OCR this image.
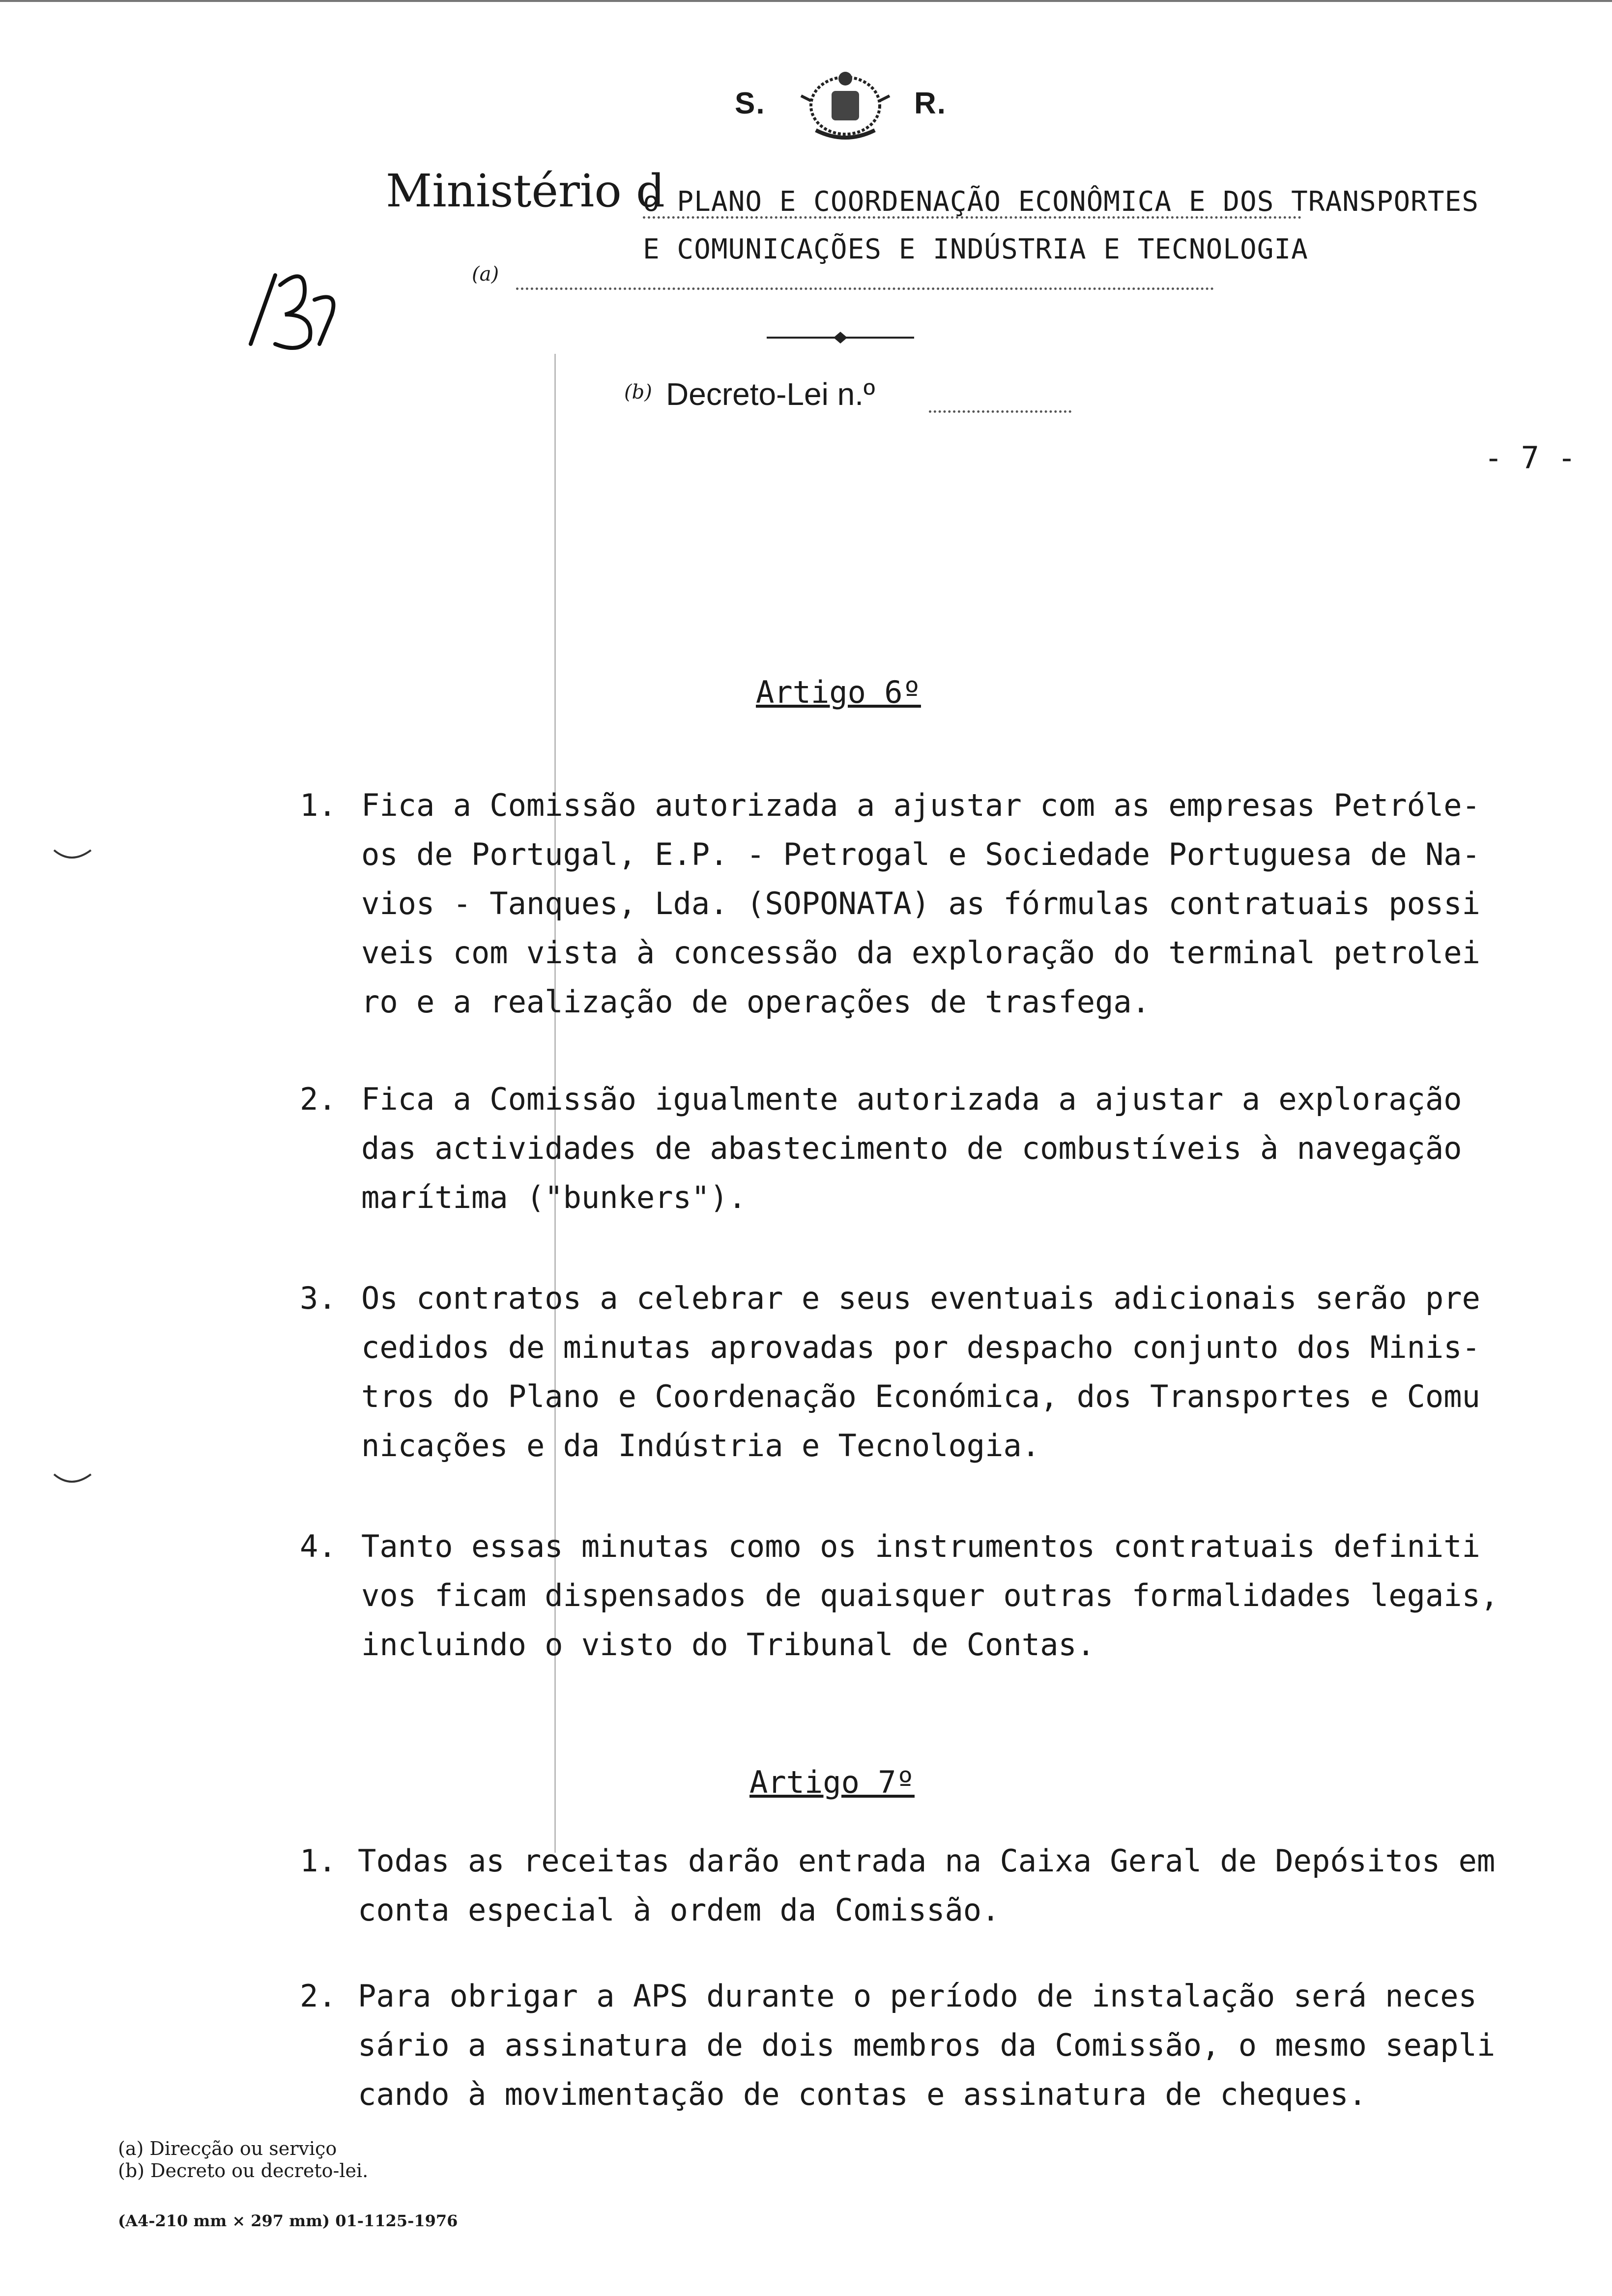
S.	R.
Ministério d
o PLANO E COORDENAÇÃO ECONÔMICA E DOS TRANSPORTES
E COMUNICAÇÕES E INDÚSTRIA E TECNOLOGIA
(a)
(b) Decreto-Lei n.º
- 7 -
Artigo 6º
1. Fica a Comissão autorizada a ajustar com as empresas Petróle-
os de Portugal, E.P. - Petrogal e Sociedade Portuguesa de Na-
vios - Tanques, Lda. (SOPONATA) as fórmulas contratuais possi
veis com vista à concessão da exploração do terminal petrolei
ro e a realização de operações de trasfega.
2. Fica a Comissão igualmente autorizada a ajustar a exploração
das actividades de abastecimento de combustíveis à navegação
marítima ("bunkers").
3. Os contratos a celebrar e seus eventuais adicionais serão pre
cedidos de minutas aprovadas por despacho conjunto dos Minis-
tros do Plano e Coordenação Económica, dos Transportes e Comu
nicações e da Indústria e Tecnologia.
4. Tanto essas minutas como os instrumentos contratuais definiti
vos ficam dispensados de quaisquer outras formalidades legais,
incluindo o visto do Tribunal de Contas.
Artigo 7º
1. Todas as receitas darão entrada na Caixa Geral de Depósitos em
conta especial à ordem da Comissão.
2. Para obrigar a APS durante o período de instalação será neces
sário a assinatura de dois membros da Comissão, o mesmo seapli
cando à movimentação de contas e assinatura de cheques.
(a) Direcção ou serviço
(b) Decreto ou decreto-lei.
(A4-210 mm × 297 mm) 01-1125-1976
